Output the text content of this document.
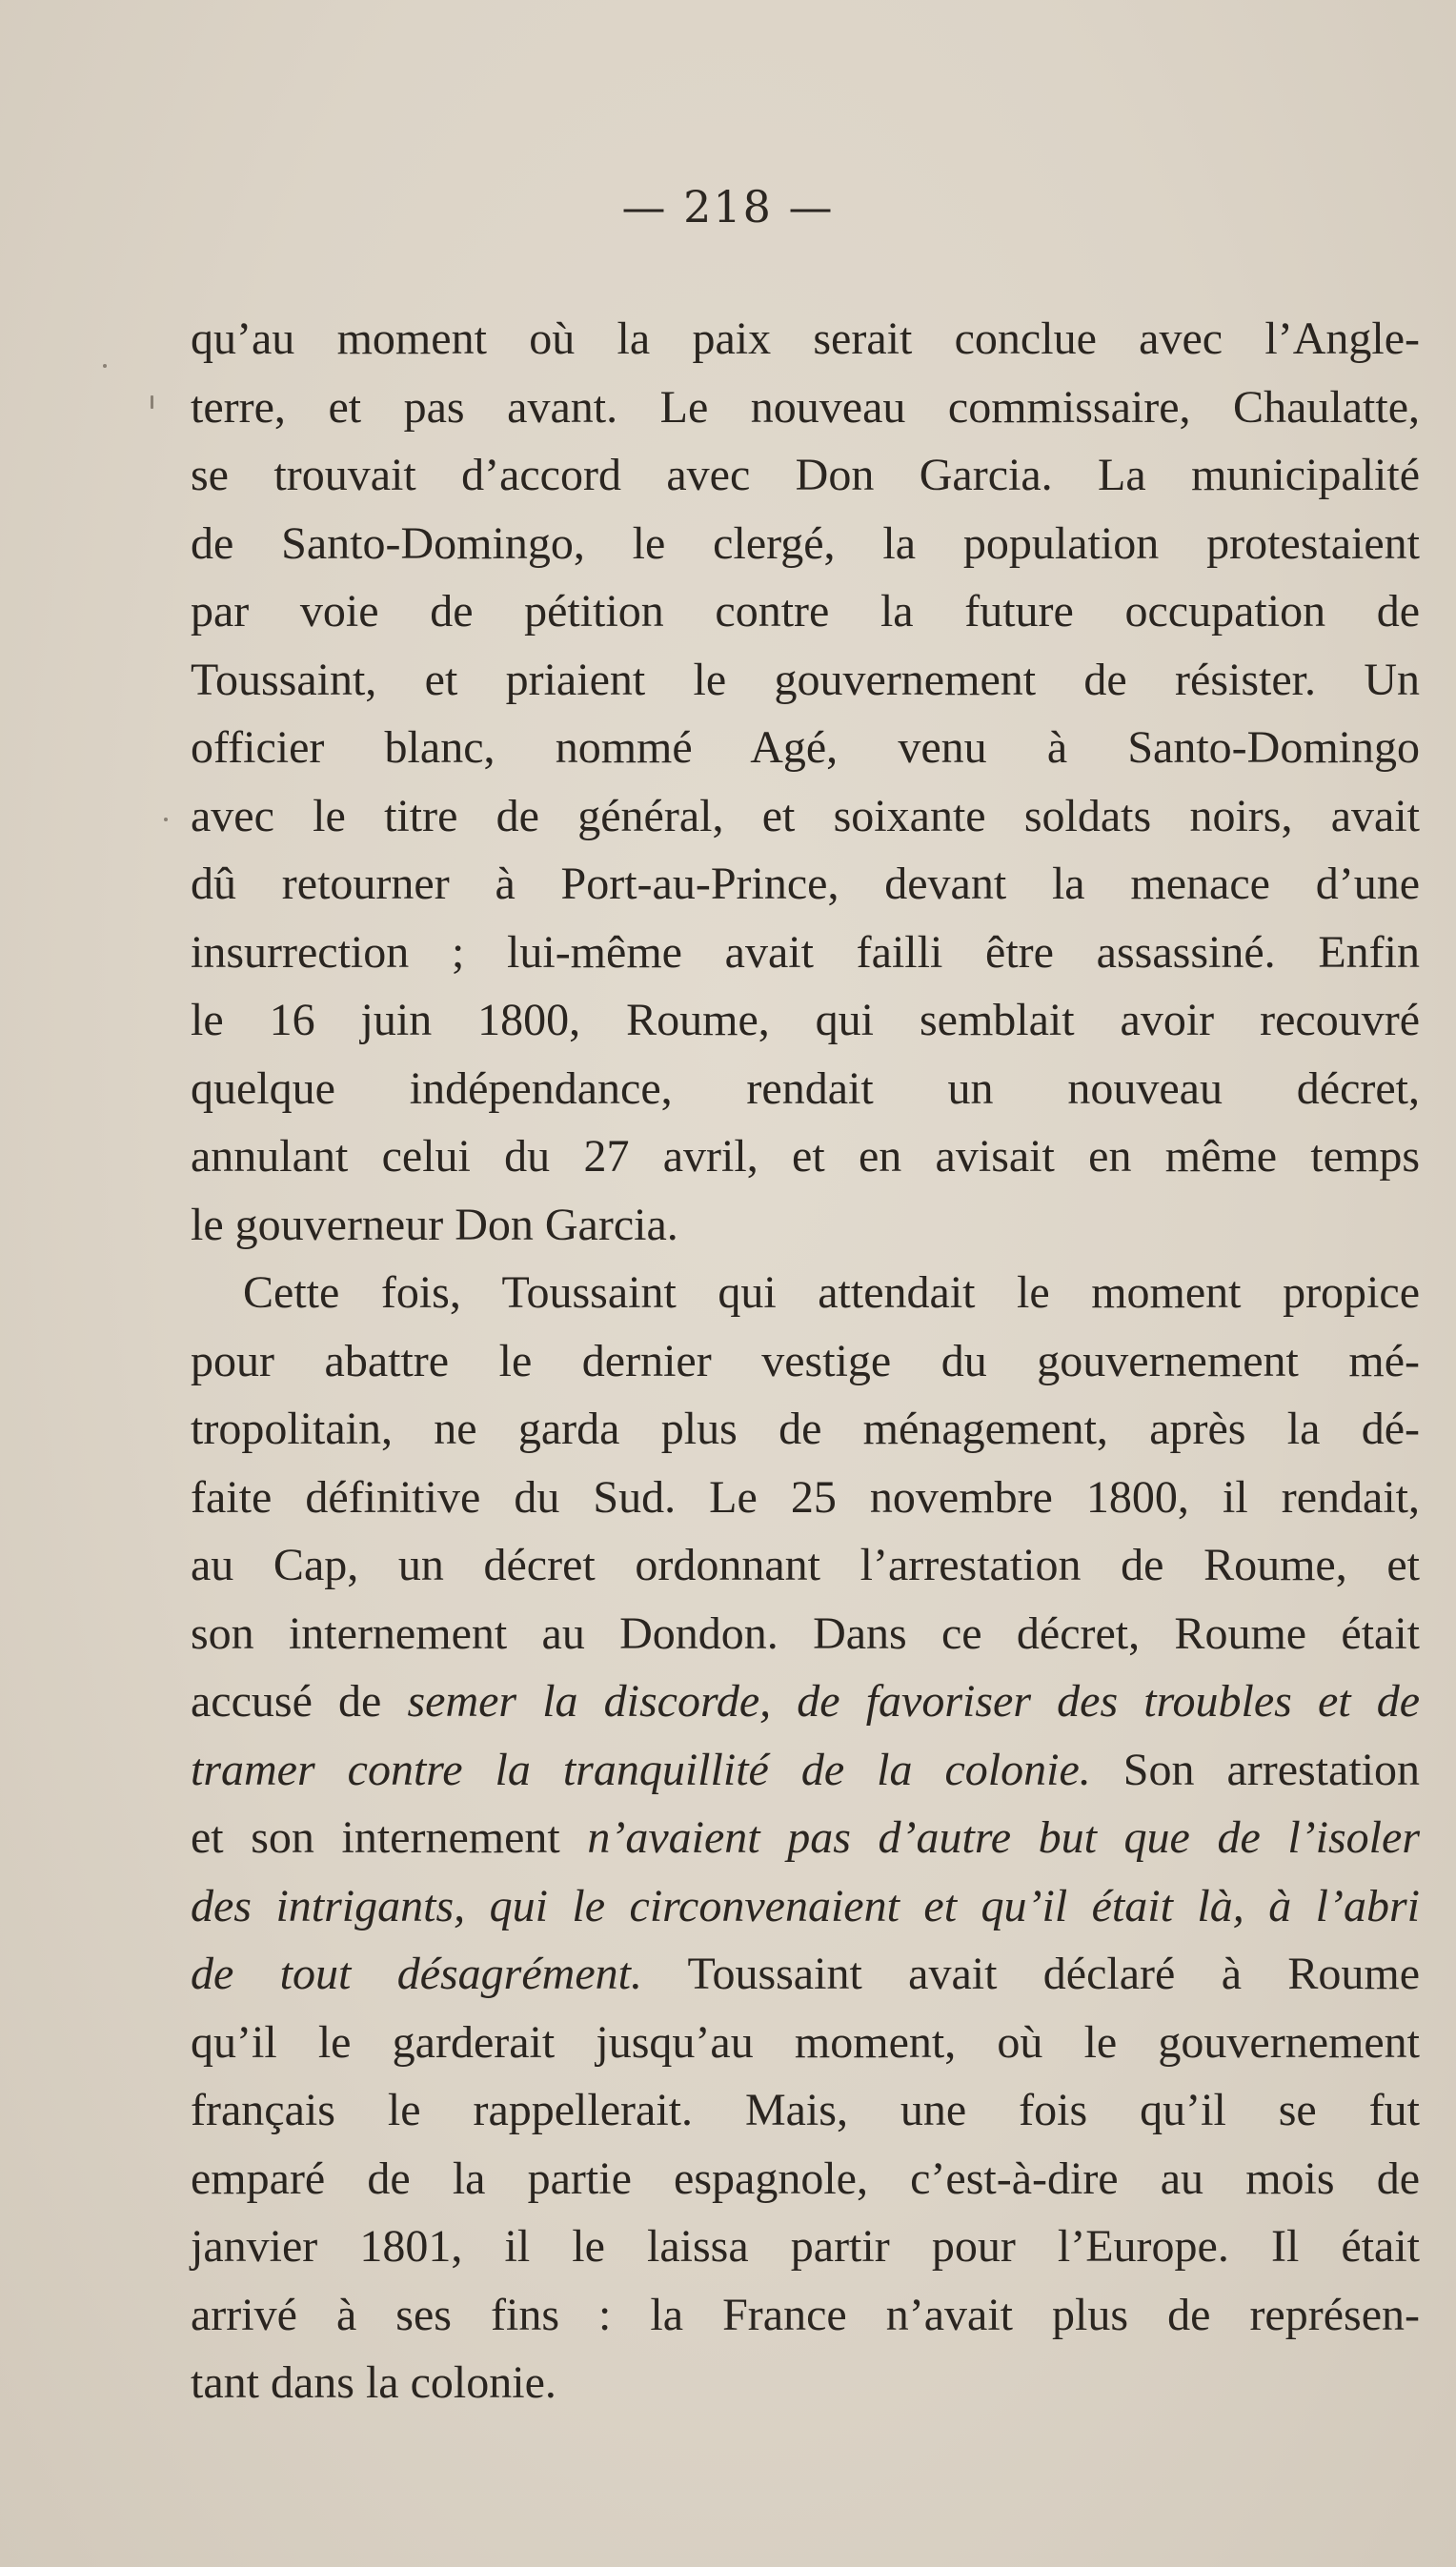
— 218 —
qu’au moment où la paix serait conclue avec l’Angle-
terre, et pas avant. Le nouveau commissaire, Chaulatte,
se trouvait d’accord avec Don Garcia. La municipalité
de Santo-Domingo, le clergé, la population protestaient
par voie de pétition contre la future occupation de
Toussaint, et priaient le gouvernement de résister. Un
officier blanc, nommé Agé, venu à Santo-Domingo
avec le titre de général, et soixante soldats noirs, avait
dû retourner à Port-au-Prince, devant la menace d’une
insurrection ; lui-même avait failli être assassiné. Enfin
le 16 juin 1800, Roume, qui semblait avoir recouvré
quelque indépendance, rendait un nouveau décret,
annulant celui du 27 avril, et en avisait en même temps
le gouverneur Don Garcia.
Cette fois, Toussaint qui attendait le moment propice
pour abattre le dernier vestige du gouvernement mé-
tropolitain, ne garda plus de ménagement, après la dé-
faite définitive du Sud. Le 25 novembre 1800, il rendait,
au Cap, un décret ordonnant l’arrestation de Roume, et
son internement au Dondon. Dans ce décret, Roume était
accusé de semer la discorde, de favoriser des troubles et de
tramer contre la tranquillité de la colonie. Son arrestation
et son internement n’avaient pas d’autre but que de l’isoler
des intrigants, qui le circonvenaient et qu’il était là, à l’abri
de tout désagrément. Toussaint avait déclaré à Roume
qu’il le garderait jusqu’au moment, où le gouvernement
français le rappellerait. Mais, une fois qu’il se fut
emparé de la partie espagnole, c’est-à-dire au mois de
janvier 1801, il le laissa partir pour l’Europe. Il était
arrivé à ses fins : la France n’avait plus de représen-
tant dans la colonie.
